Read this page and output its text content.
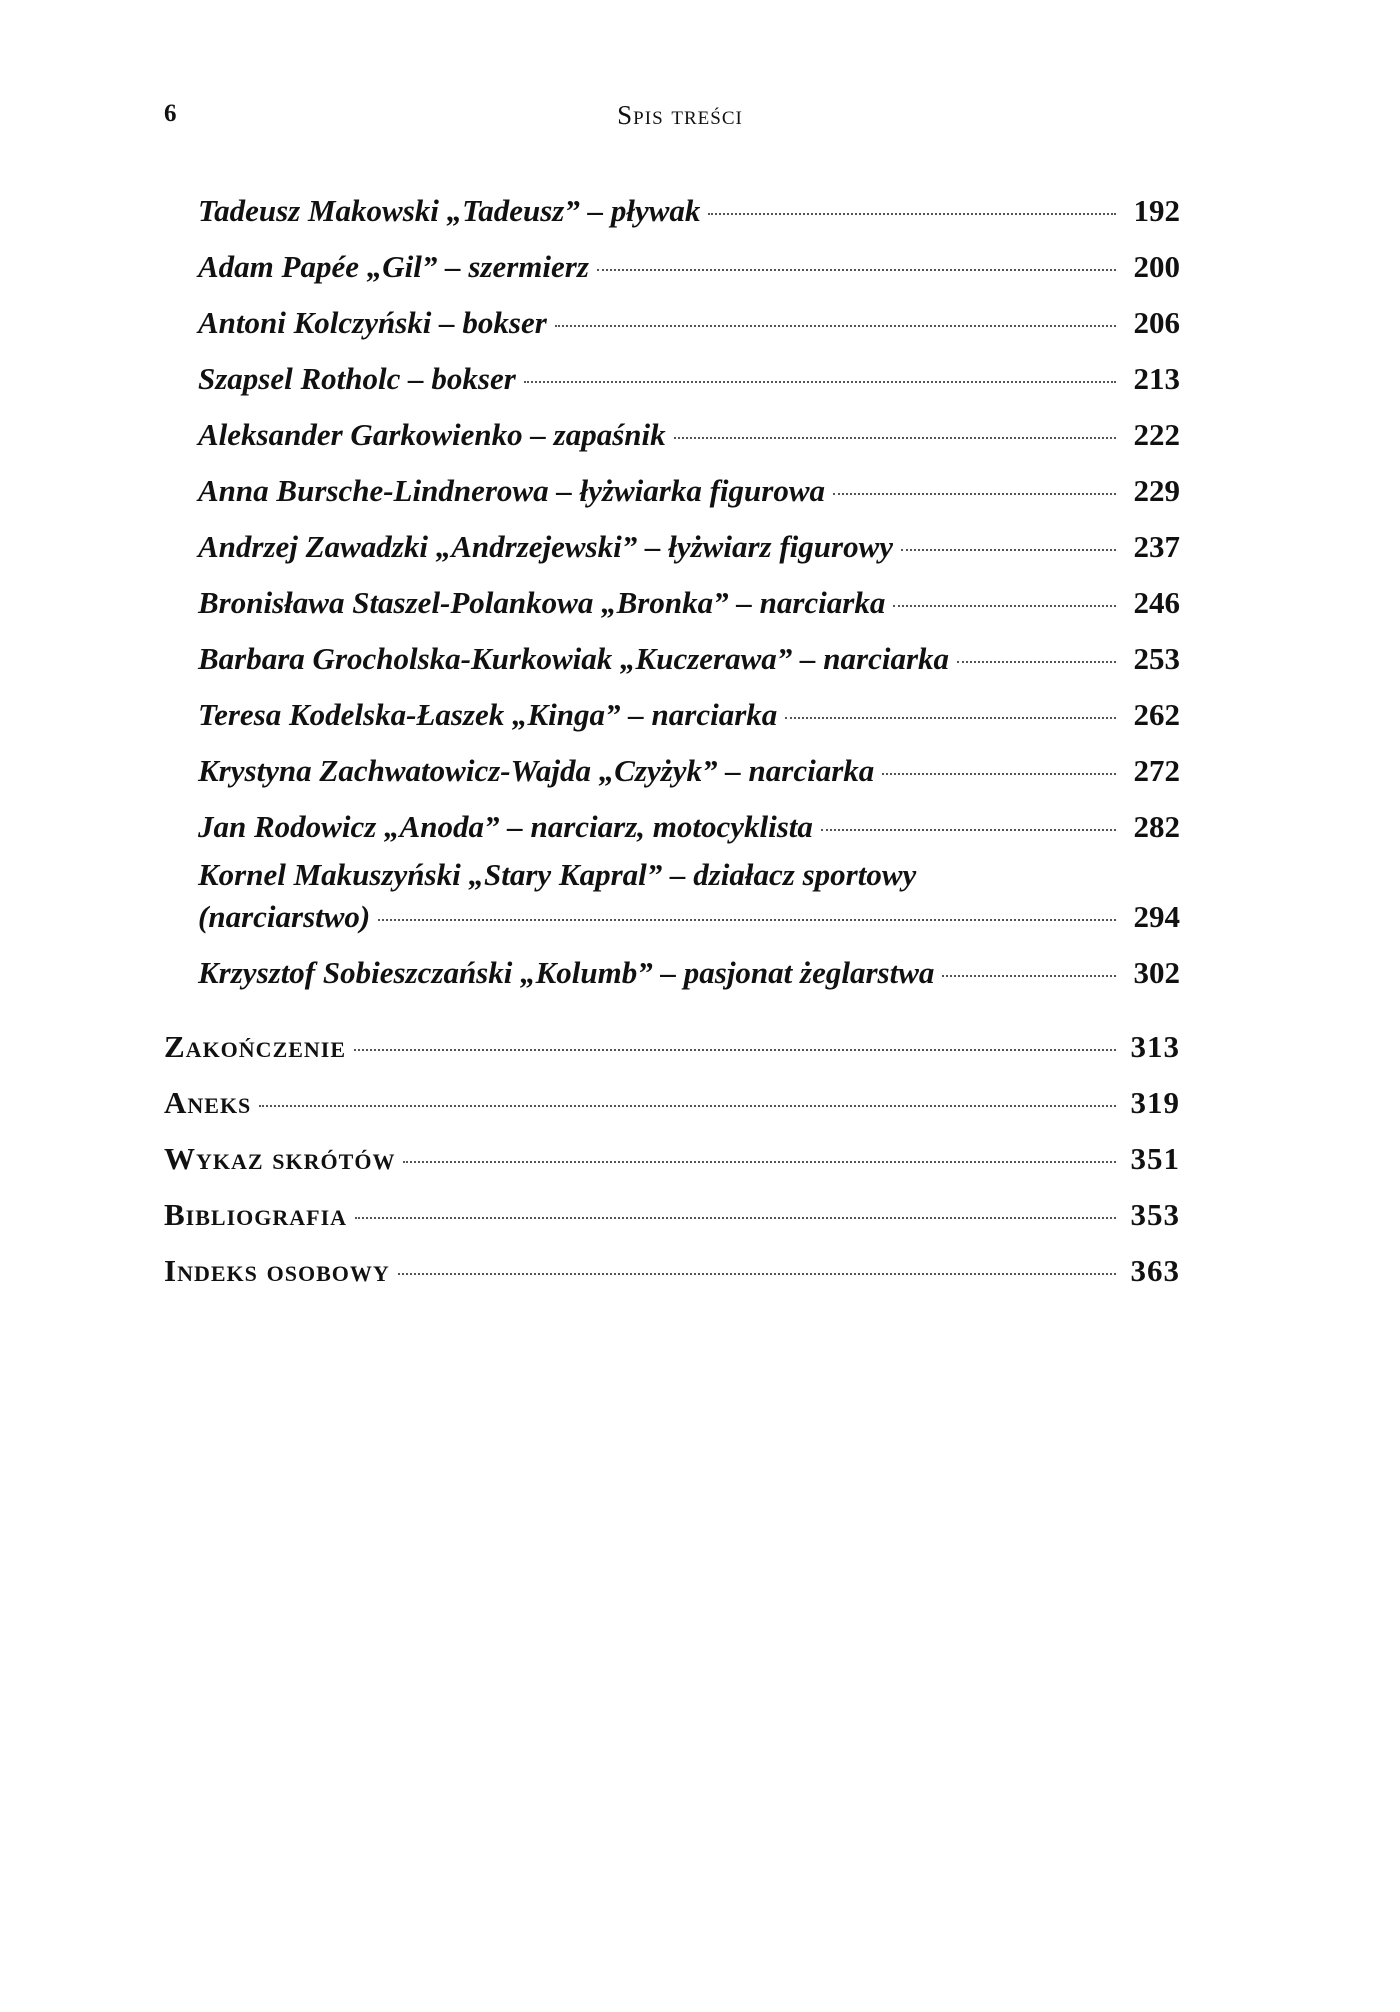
6	Spis treści
Tadeusz Makowski „Tadeusz” – pływak	192
Adam Papée „Gil” – szermierz	200
Antoni Kolczyński – bokser	206
Szapsel Rotholc – bokser	213
Aleksander Garkowienko – zapaśnik	222
Anna Bursche-Lindnerowa – łyżwiarka figurowa	229
Andrzej Zawadzki „Andrzejewski” – łyżwiarz figurowy	237
Bronisława Staszel-Polankowa „Bronka” – narciarka	246
Barbara Grocholska-Kurkowiak „Kuczerawa” – narciarka	253
Teresa Kodelska-Łaszek „Kinga” – narciarka	262
Krystyna Zachwatowicz-Wajda „Czyżyk” – narciarka	272
Jan Rodowicz „Anoda” – narciarz, motocyklista	282
Kornel Makuszyński „Stary Kapral” – działacz sportowy
(narciarstwo)	294
Krzysztof Sobieszczański „Kolumb” – pasjonat żeglarstwa	302
Zakończenie	313
Aneks	319
Wykaz skrótów	351
Bibliografia	353
Indeks osobowy	363
